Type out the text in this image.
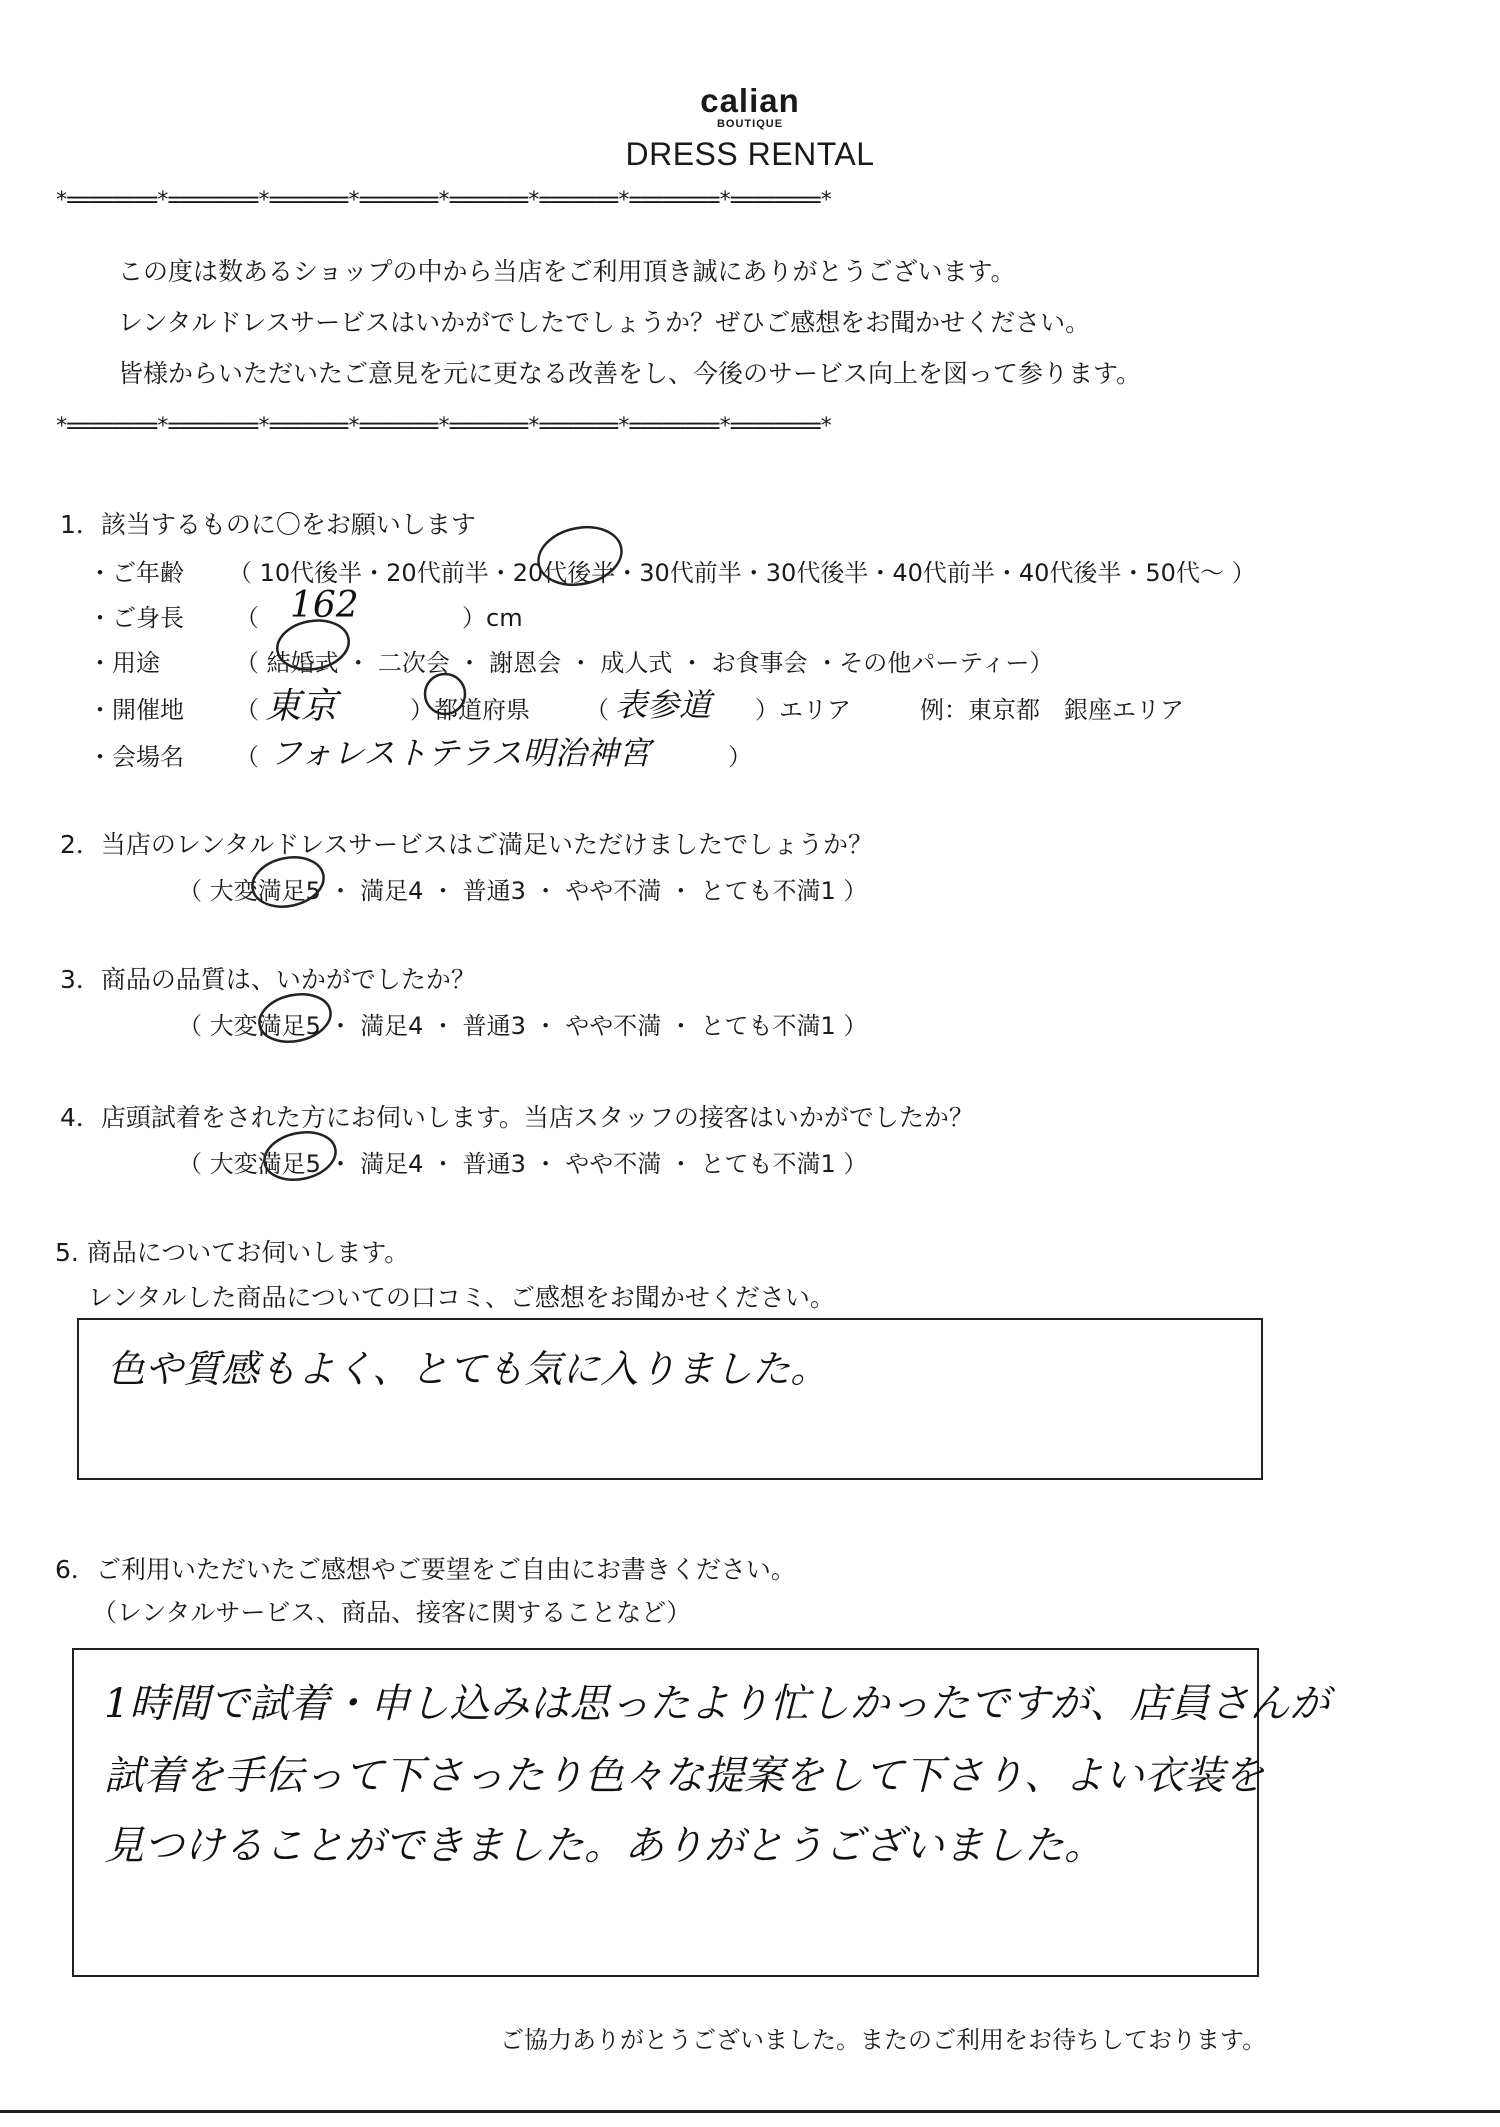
calian
BOUTIQUE
DRESS RENTAL
*========*========*=======*=======*=======*=======*========*========*
この度は数あるショップの中から当店をご利用頂き誠にありがとうございます。
レンタルドレスサービスはいかがでしたでしょうか？ぜひご感想をお聞かせください。
皆様からいただいたご意見を元に更なる改善をし、今後のサービス向上を図って参ります。
*========*========*=======*=======*=======*=======*========*========*
1．該当するものに〇をお願いします
・ご年齢 （ 10代後半・20代前半・20代後半・30代前半・30代後半・40代前半・40代後半・50代～ ）
・ご身長 （ 162	）cm
・用途	（ 結婚式 ・ 二次会 ・ 謝恩会 ・ 成人式 ・ お食事会 ・その他パーティー）
・開催地 （ 東京	）都道府県 （ 表参道 ）エリア	例：東京都　銀座エリア
・会場名 （ フォレストテラス明治神宮	）
2．当店のレンタルドレスサービスはご満足いただけましたでしょうか？
（ 大変満足5 ・ 満足4 ・ 普通3 ・ やや不満 ・ とても不満1 ）
3．商品の品質は、いかがでしたか？
（ 大変満足5 ・ 満足4 ・ 普通3 ・ やや不満 ・ とても不満1 ）
4．店頭試着をされた方にお伺いします。当店スタッフの接客はいかがでしたか？
（ 大変満足5 ・ 満足4 ・ 普通3 ・ やや不満 ・ とても不満1 ）
5. 商品についてお伺いします。
レンタルした商品についての口コミ、ご感想をお聞かせください。
色や質感もよく、とても気に入りました。
6．ご利用いただいたご感想やご要望をご自由にお書きください。
（レンタルサービス、商品、接客に関することなど）
1時間で試着・申し込みは思ったより忙しかったですが、店員さんが
試着を手伝って下さったり色々な提案をして下さり、よい衣装を
見つけることができました。ありがとうございました。
ご協力ありがとうございました。またのご利用をお待ちしております。
